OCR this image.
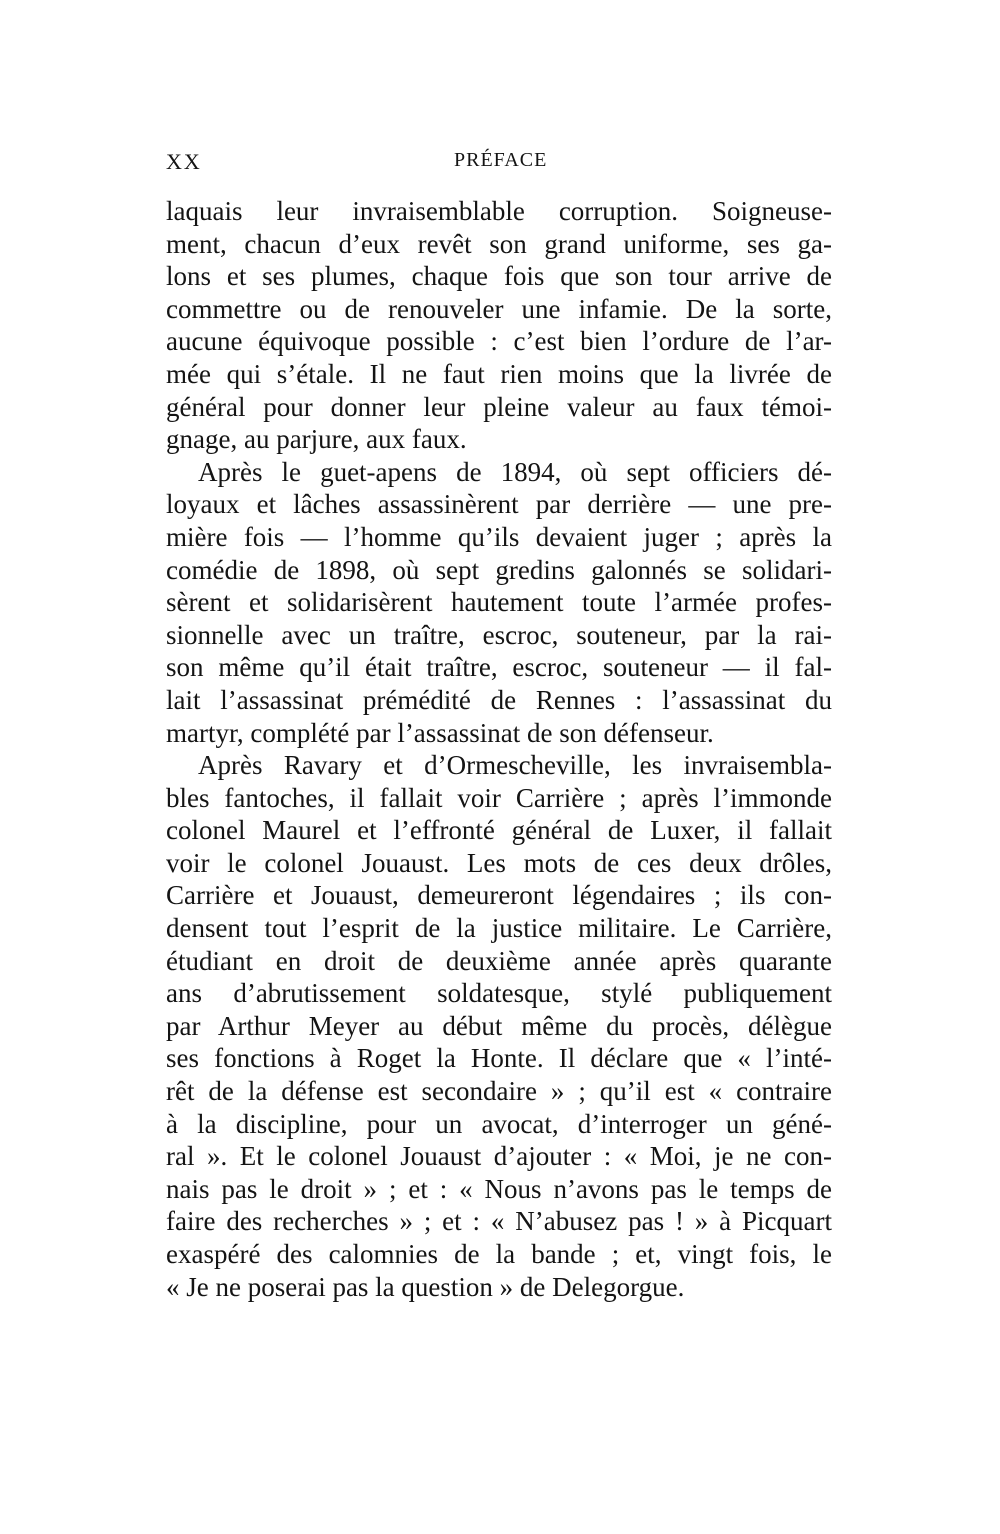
XX	PRÉFACE
laquais leur invraisemblable corruption. Soigneuse-
ment, chacun d’eux revêt son grand uniforme, ses ga-
lons et ses plumes, chaque fois que son tour arrive de
commettre ou de renouveler une infamie. De la sorte,
aucune équivoque possible : c’est bien l’ordure de l’ar-
mée qui s’étale. Il ne faut rien moins que la livrée de
général pour donner leur pleine valeur au faux témoi-
gnage, au parjure, aux faux.
Après le guet-apens de 1894, où sept officiers dé-
loyaux et lâches assassinèrent par derrière — une pre-
mière fois — l’homme qu’ils devaient juger ; après la
comédie de 1898, où sept gredins galonnés se solidari-
sèrent et solidarisèrent hautement toute l’armée profes-
sionnelle avec un traître, escroc, souteneur, par la rai-
son même qu’il était traître, escroc, souteneur — il fal-
lait l’assassinat prémédité de Rennes : l’assassinat du
martyr, complété par l’assassinat de son défenseur.
Après Ravary et d’Ormescheville, les invraisembla-
bles fantoches, il fallait voir Carrière ; après l’immonde
colonel Maurel et l’effronté général de Luxer, il fallait
voir le colonel Jouaust. Les mots de ces deux drôles,
Carrière et Jouaust, demeureront légendaires ; ils con-
densent tout l’esprit de la justice militaire. Le Carrière,
étudiant en droit de deuxième année après quarante
ans d’abrutissement soldatesque, stylé publiquement
par Arthur Meyer au début même du procès, délègue
ses fonctions à Roget la Honte. Il déclare que « l’inté-
rêt de la défense est secondaire » ; qu’il est « contraire
à la discipline, pour un avocat, d’interroger un géné-
ral ». Et le colonel Jouaust d’ajouter : « Moi, je ne con-
nais pas le droit » ; et : « Nous n’avons pas le temps de
faire des recherches » ; et : « N’abusez pas ! » à Picquart
exaspéré des calomnies de la bande ; et, vingt fois, le
« Je ne poserai pas la question » de Delegorgue.
